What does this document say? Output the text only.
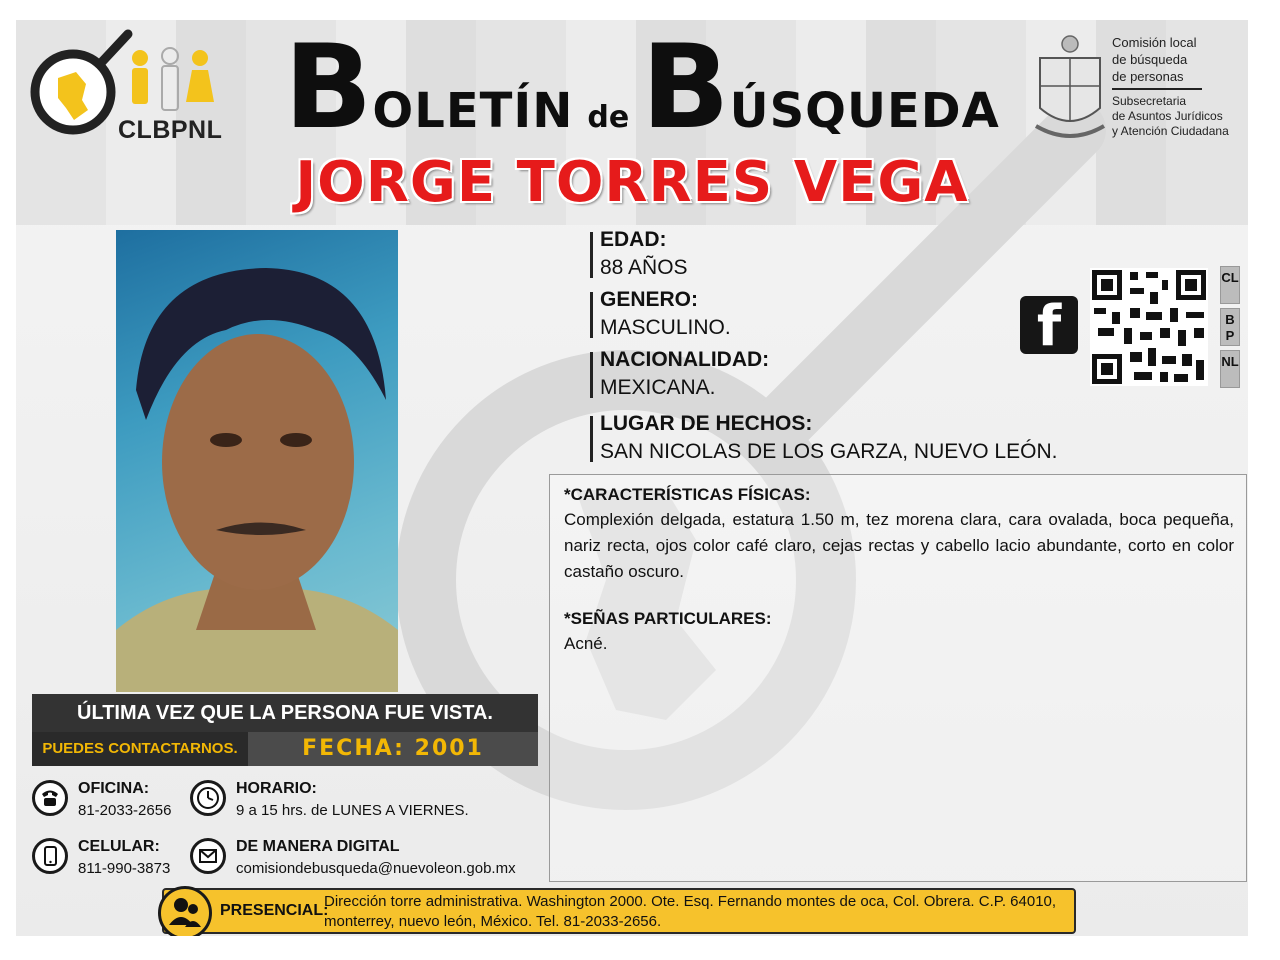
CLBPNL BOLETÍN de BÚSQUEDA
JORGE TORRES VEGA
Comisión local
de búsqueda
de personas
Subsecretaria
de Asuntos Jurídicos
y Atención Ciudadana
EDAD:
88 AÑOS
GENERO:
MASCULINO.
NACIONALIDAD:
MEXICANA.
LUGAR DE HECHOS:
SAN NICOLAS DE LOS GARZA, NUEVO LEÓN.
f
CL
BP
NL
*CARACTERÍSTICAS FÍSICAS:
Complexión delgada, estatura 1.50 m, tez morena clara, cara ovalada, boca pequeña, nariz recta, ojos color café claro, cejas rectas y cabello lacio abundante, corto en color castaño oscuro.
*SEÑAS PARTICULARES:
Acné.
ÚLTIMA VEZ QUE LA PERSONA FUE VISTA.
PUEDES CONTACTARNOS.	FECHA: 2001
OFICINA:
81-2033-2656
HORARIO:
9 a 15 hrs. de LUNES A VIERNES.
CELULAR:
811-990-3873
DE MANERA DIGITAL
comisiondebusqueda@nuevoleon.gob.mx
PRESENCIAL:
Dirección torre administrativa. Washington 2000. Ote. Esq. Fernando montes de oca, Col. Obrera. C.P. 64010, monterrey, nuevo león, México. Tel. 81-2033-2656.
